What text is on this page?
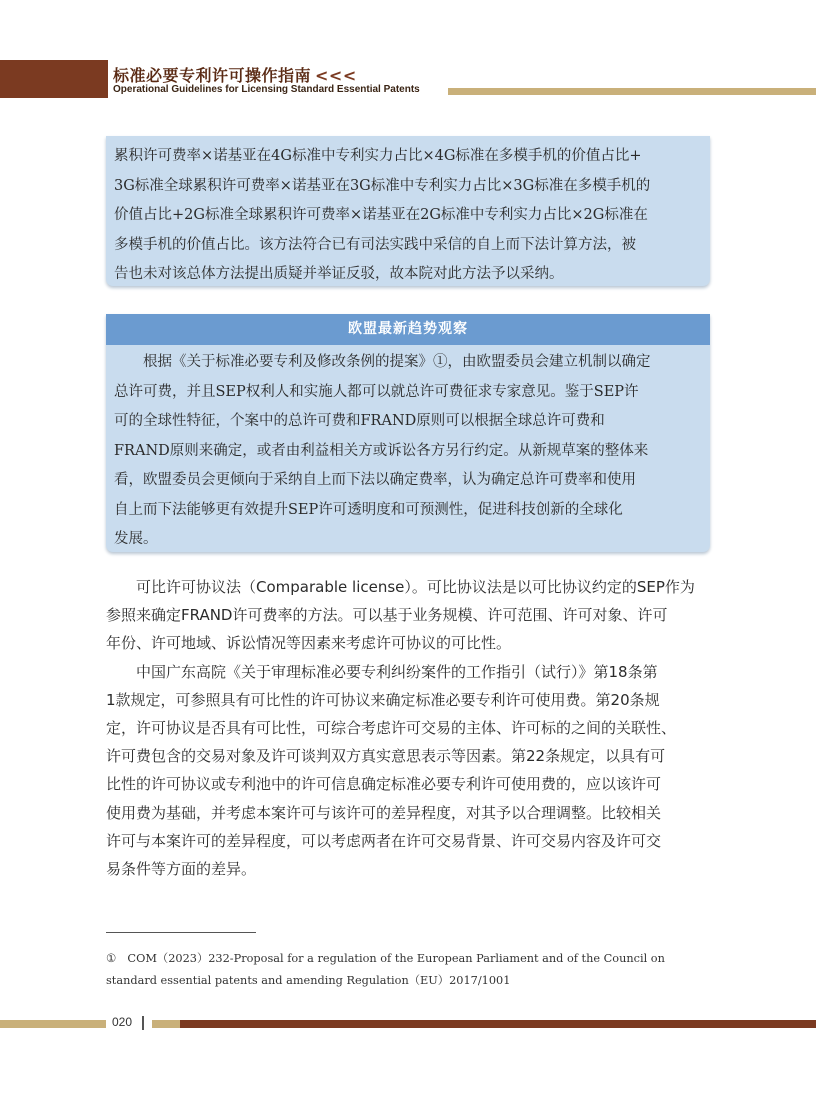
标准必要专利许可操作指南 <<<
Operational Guidelines for Licensing Standard Essential Patents

累积许可费率×诺基亚在4G标准中专利实力占比×4G标准在多模手机的价值占比+
3G标准全球累积许可费率×诺基亚在3G标准中专利实力占比×3G标准在多模手机的
价值占比+2G标准全球累积许可费率×诺基亚在2G标准中专利实力占比×2G标准在
多模手机的价值占比。该方法符合已有司法实践中采信的自上而下法计算方法，被
告也未对该总体方法提出质疑并举证反驳，故本院对此方法予以采纳。

欧盟最新趋势观察

　　根据《关于标准必要专利及修改条例的提案》①，由欧盟委员会建立机制以确定
总许可费，并且SEP权利人和实施人都可以就总许可费征求专家意见。鉴于SEP许
可的全球性特征，个案中的总许可费和FRAND原则可以根据全球总许可费和
FRAND原则来确定，或者由利益相关方或诉讼各方另行约定。从新规草案的整体来
看，欧盟委员会更倾向于采纳自上而下法以确定费率，认为确定总许可费率和使用
自上而下法能够更有效提升SEP许可透明度和可预测性，促进科技创新的全球化
发展。

可比许可协议法（Comparable license）。可比协议法是以可比协议约定的SEP作为
参照来确定FRAND许可费率的方法。可以基于业务规模、许可范围、许可对象、许可
年份、许可地域、诉讼情况等因素来考虑许可协议的可比性。

中国广东高院《关于审理标准必要专利纠纷案件的工作指引（试行）》第18条第
1款规定，可参照具有可比性的许可协议来确定标准必要专利许可使用费。第20条规
定，许可协议是否具有可比性，可综合考虑许可交易的主体、许可标的之间的关联性、
许可费包含的交易对象及许可谈判双方真实意思表示等因素。第22条规定，以具有可
比性的许可协议或专利池中的许可信息确定标准必要专利许可使用费的，应以该许可
使用费为基础，并考虑本案许可与该许可的差异程度，对其予以合理调整。比较相关
许可与本案许可的差异程度，可以考虑两者在许可交易背景、许可交易内容及许可交
易条件等方面的差异。

①　COM（2023）232-Proposal for a regulation of the European Parliament and of the Council on
standard essential patents and amending Regulation（EU）2017/1001
020
